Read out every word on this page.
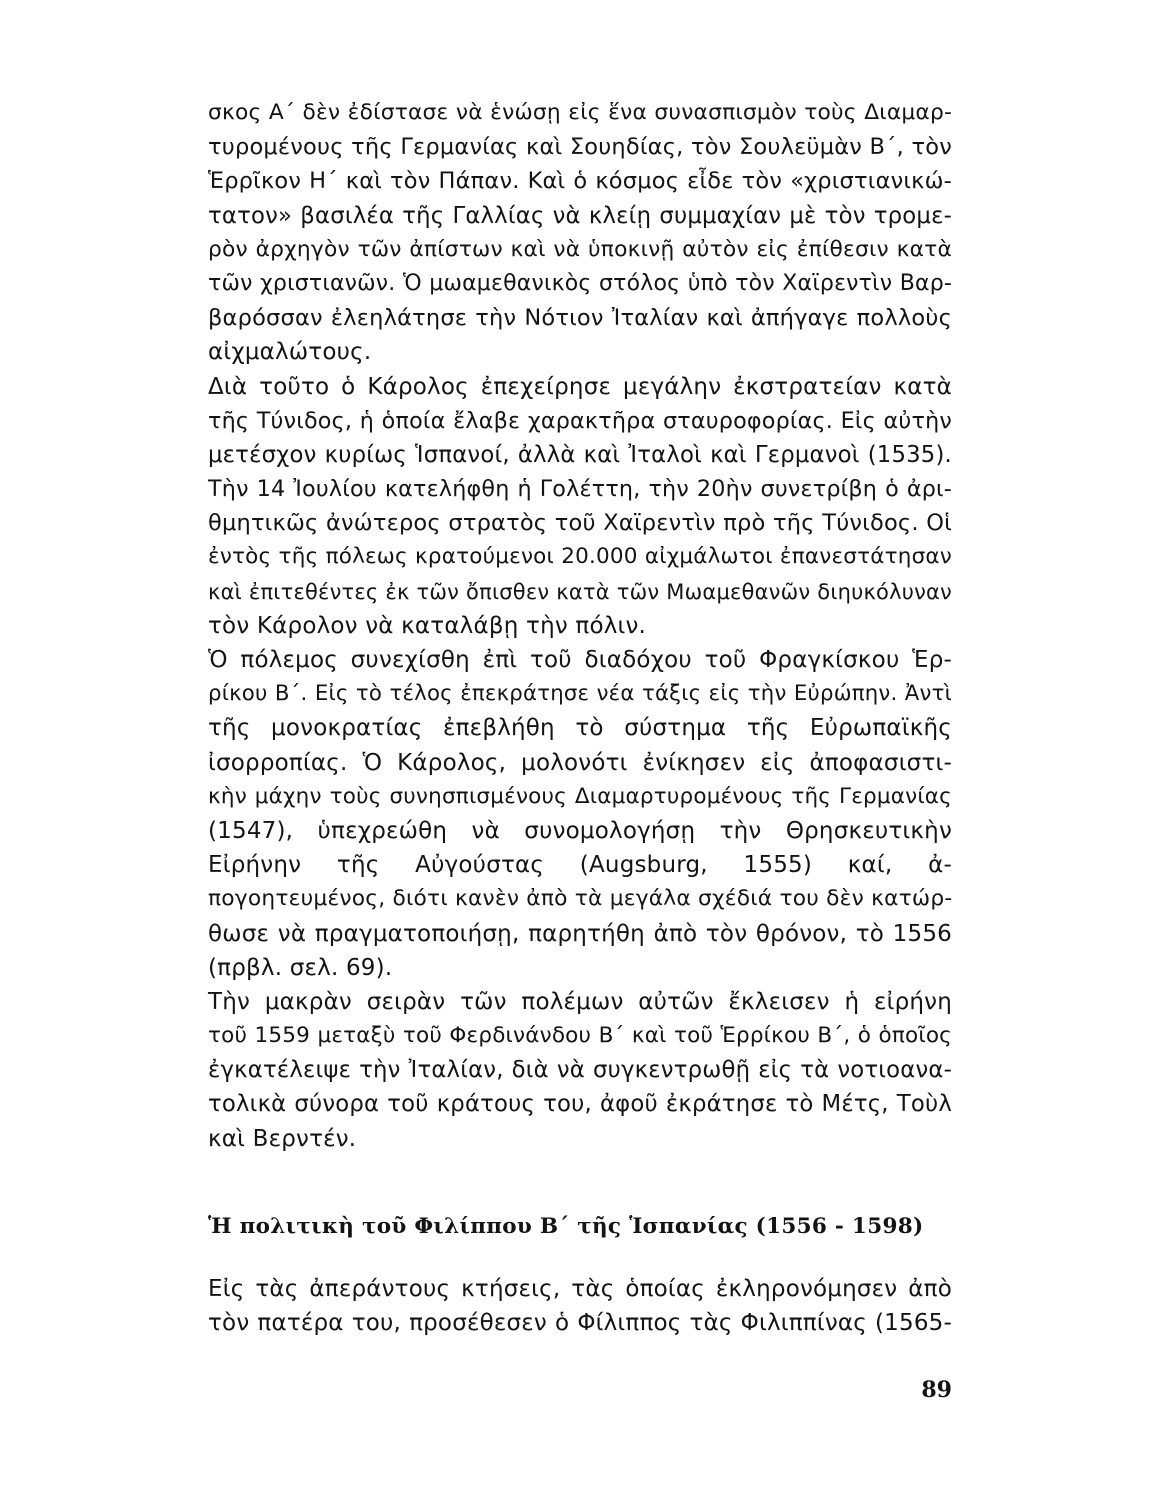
σκος Α΄ δὲν ἐδίστασε νὰ ἑνώσῃ εἰς ἕνα συνασπισμὸν τοὺς Διαμαρ-
τυρομένους τῆς Γερμανίας καὶ Σουηδίας, τὸν Σουλεϋμὰν Β΄, τὸν
Ἑρρῖκον Η΄ καὶ τὸν Πάπαν. Καὶ ὁ κόσμος εἶδε τὸν «χριστιανικώ-
τατον» βασιλέα τῆς Γαλλίας νὰ κλείῃ συμμαχίαν μὲ τὸν τρομε-
ρὸν ἀρχηγὸν τῶν ἀπίστων καὶ νὰ ὑποκινῇ αὐτὸν εἰς ἐπίθεσιν κατὰ
τῶν χριστιανῶν. Ὁ μωαμεθανικὸς στόλος ὑπὸ τὸν Χαϊρεντὶν Βαρ-
βαρόσσαν ἐλεηλάτησε τὴν Νότιον Ἰταλίαν καὶ ἀπήγαγε πολλοὺς
αἰχμαλώτους.
Διὰ τοῦτο ὁ Κάρολος ἐπεχείρησε μεγάλην ἐκστρατείαν κατὰ
τῆς Τύνιδος, ἡ ὁποία ἔλαβε χαρακτῆρα σταυροφορίας. Εἰς αὐτὴν
μετέσχον κυρίως Ἱσπανοί, ἀλλὰ καὶ Ἰταλοὶ καὶ Γερμανοὶ (1535).
Τὴν 14 Ἰουλίου κατελήφθη ἡ Γολέττη, τὴν 20ὴν συνετρίβη ὁ ἀρι-
θμητικῶς ἀνώτερος στρατὸς τοῦ Χαϊρεντὶν πρὸ τῆς Τύνιδος. Οἱ
ἐντὸς τῆς πόλεως κρατούμενοι 20.000 αἰχμάλωτοι ἐπανεστάτησαν
καὶ ἐπιτεθέντες ἐκ τῶν ὄπισθεν κατὰ τῶν Μωαμεθανῶν διηυκόλυναν
τὸν Κάρολον νὰ καταλάβῃ τὴν πόλιν.
Ὁ πόλεμος συνεχίσθη ἐπὶ τοῦ διαδόχου τοῦ Φραγκίσκου Ἑρ-
ρίκου Β΄. Εἰς τὸ τέλος ἐπεκράτησε νέα τάξις εἰς τὴν Εὐρώπην. Ἀντὶ
τῆς μονοκρατίας ἐπεβλήθη τὸ σύστημα τῆς Εὐρωπαϊκῆς
ἰσορροπίας. Ὁ Κάρολος, μολονότι ἐνίκησεν εἰς ἀποφασιστι-
κὴν μάχην τοὺς συνησπισμένους Διαμαρτυρομένους τῆς Γερμανίας
(1547), ὑπεχρεώθη νὰ συνομολογήσῃ τὴν Θρησκευτικὴν
Εἰρήνην τῆς Αὐγούστας (Augsburg, 1555) καί, ἀ-
πογοητευμένος, διότι κανὲν ἀπὸ τὰ μεγάλα σχέδιά του δὲν κατώρ-
θωσε νὰ πραγματοποιήσῃ, παρητήθη ἀπὸ τὸν θρόνον, τὸ 1556
(πρβλ. σελ. 69).
Τὴν μακρὰν σειρὰν τῶν πολέμων αὐτῶν ἔκλεισεν ἡ εἰρήνη
τοῦ 1559 μεταξὺ τοῦ Φερδινάνδου Β΄ καὶ τοῦ Ἑρρίκου Β΄, ὁ ὁποῖος
ἐγκατέλειψε τὴν Ἰταλίαν, διὰ νὰ συγκεντρωθῇ εἰς τὰ νοτιοανα-
τολικὰ σύνορα τοῦ κράτους του, ἀφοῦ ἐκράτησε τὸ Μέτς, Τοὺλ
καὶ Βερντέν.
Ἡ πολιτικὴ τοῦ Φιλίππου Β΄ τῆς Ἱσπανίας (1556 - 1598)
Εἰς τὰς ἀπεράντους κτήσεις, τὰς ὁποίας ἐκληρονόμησεν ἀπὸ
τὸν πατέρα του, προσέθεσεν ὁ Φίλιππος τὰς Φιλιππίνας (1565-
89
